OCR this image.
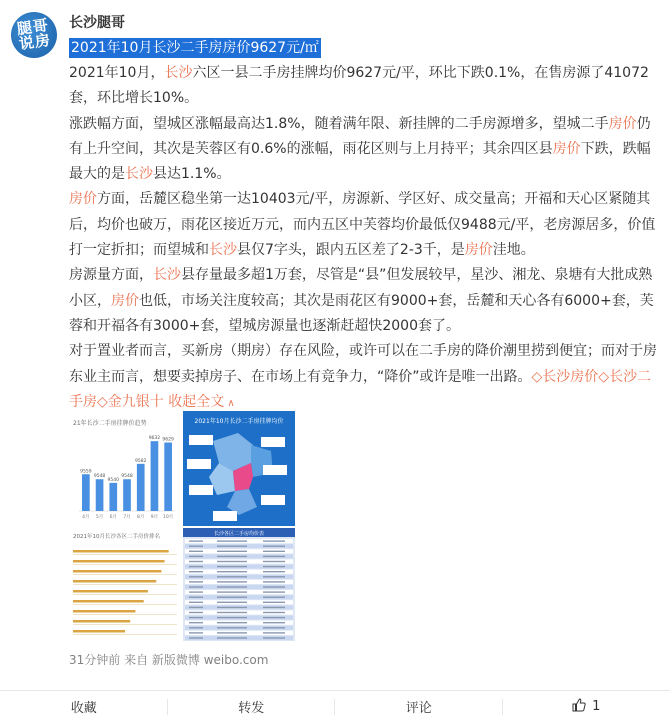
腿哥说房
长沙腿哥
2021年10月长沙二手房房价9627元/㎡

2021年10月，长沙六区一县二手房挂牌均价9627元/平，环比下跌0.1%，在售房源了41072套，环比增长10%。

涨跌幅方面，望城区涨幅最高达1.8%，随着满年限、新挂牌的二手房源增多，望城二手房价仍有上升空间，其次是芙蓉区有0.6%的涨幅，雨花区则与上月持平；其余四区县房价下跌，跌幅最大的是长沙县达1.1%。

房价方面，岳麓区稳坐第一达10403元/平，房源新、学区好、成交量高；开福和天心区紧随其后，均价也破万，雨花区接近万元，而内五区中芙蓉均价最低仅9488元/平，老房源居多，价值打一定折扣；而望城和长沙县仅7字头，跟内五区差了2-3千，是房价洼地。

房源量方面，长沙县存量最多超1万套，尽管是“县”但发展较早，星沙、湘龙、泉塘有大批成熟小区，房价也低，市场关注度较高；其次是雨花区有9000+套，岳麓和天心各有6000+套，芙蓉和开福各有3000+套，望城房源量也逐渐赶超快2000套了。

对于置业者而言，买新房（期房）存在风险，或许可以在二手房的降价潮里捞到便宜；而对于房东业主而言，想要卖掉房子、在市场上有竞争力，“降价”或许是唯一出路。◇长沙房价◇长沙二手房◇金九银十 收起全文 ∧

21年长沙二手房挂牌价趋势
9559
4月
9548
5月
9540
6月
9548
7月
9582
8月
9632
9月
9629
10月
2021年10月长沙二手房挂牌均价
2021年10月长沙各区二手房价排名	长沙各区二手房均价表
31分钟前 来自 新版微博 weibo.com
收藏	转发	评论	1
